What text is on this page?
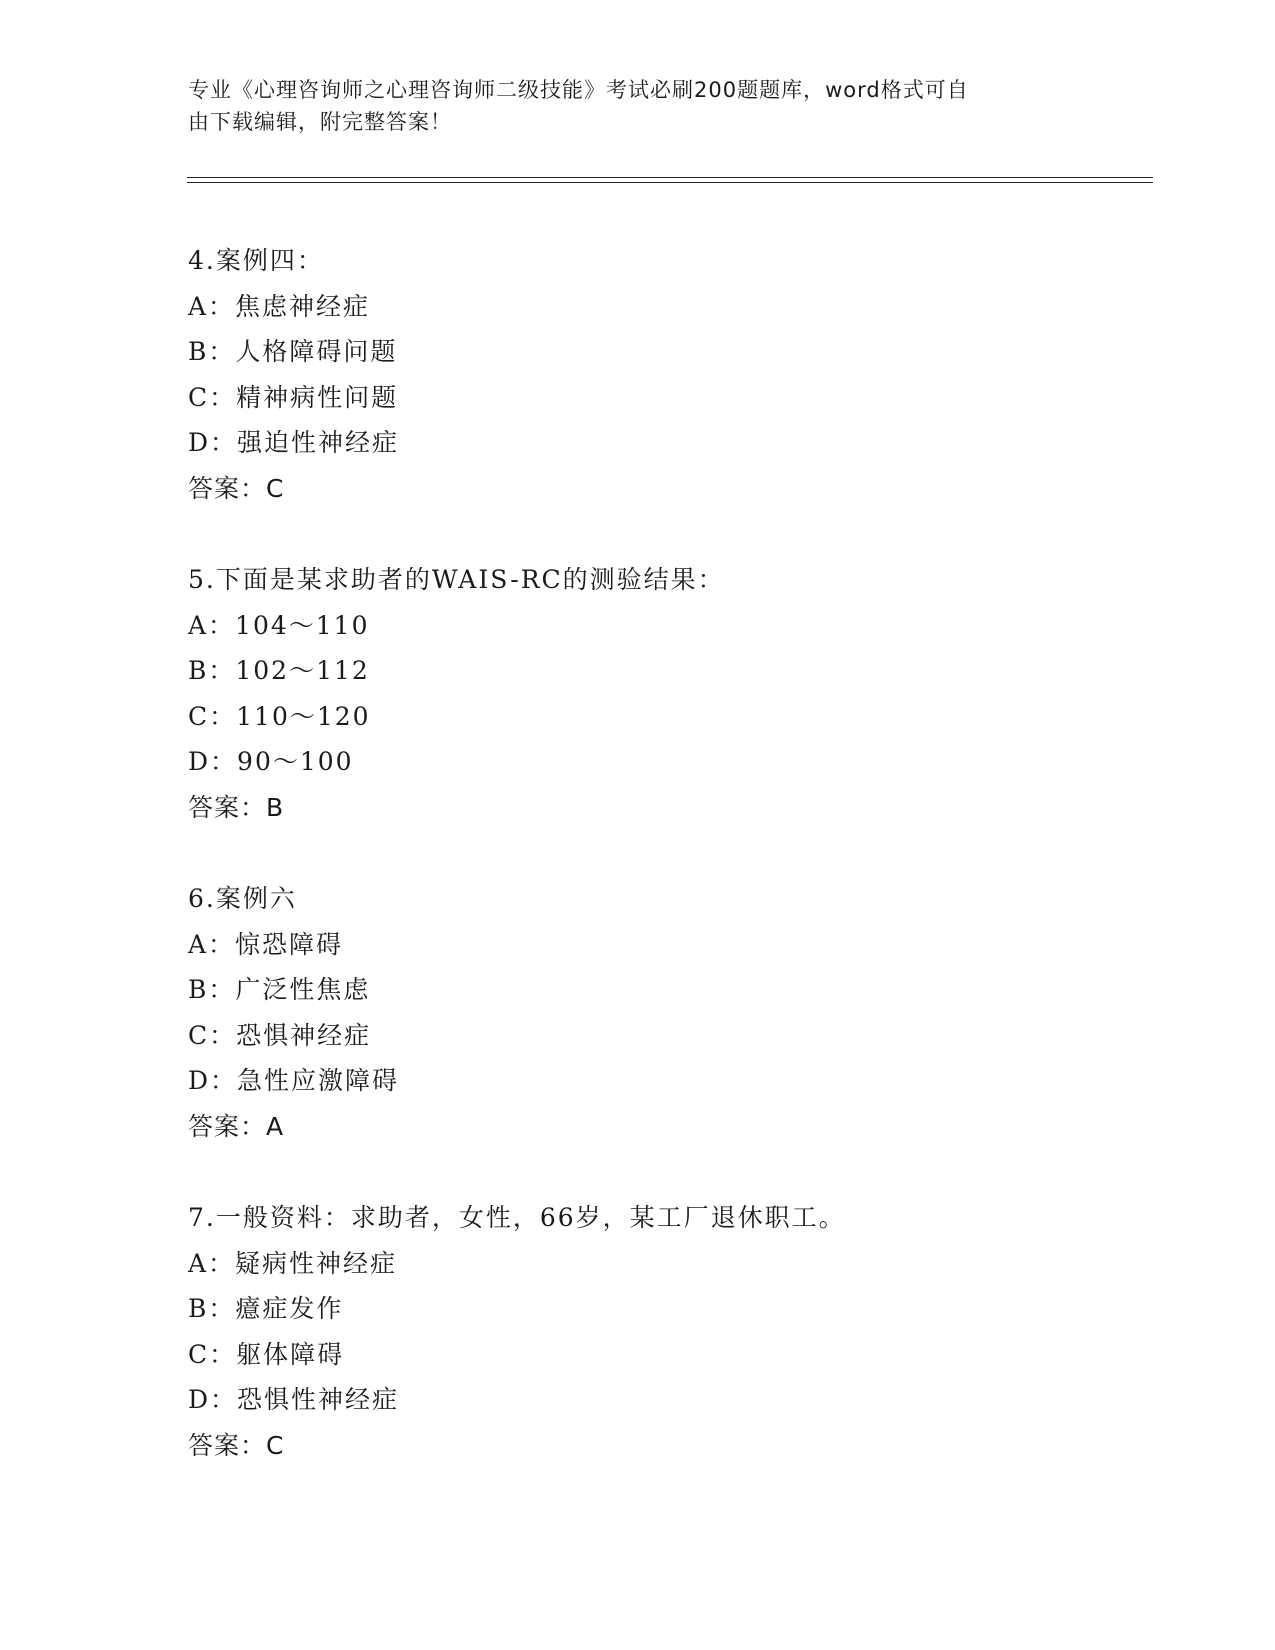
专业《心理咨询师之心理咨询师二级技能》考试必刷200题题库，word格式可自
由下载编辑，附完整答案！
4.案例四：
A：焦虑神经症
B：人格障碍问题
C：精神病性问题
D：强迫性神经症
答案：C
5.下面是某求助者的WAIS-RC的测验结果：
A：104～110
B：102～112
C：110～120
D：90～100
答案：B
6.案例六
A：惊恐障碍
B：广泛性焦虑
C：恐惧神经症
D：急性应激障碍
答案：A
7.一般资料：求助者，女性，66岁，某工厂退休职工。
A：疑病性神经症
B：癔症发作
C：躯体障碍
D：恐惧性神经症
答案：C
